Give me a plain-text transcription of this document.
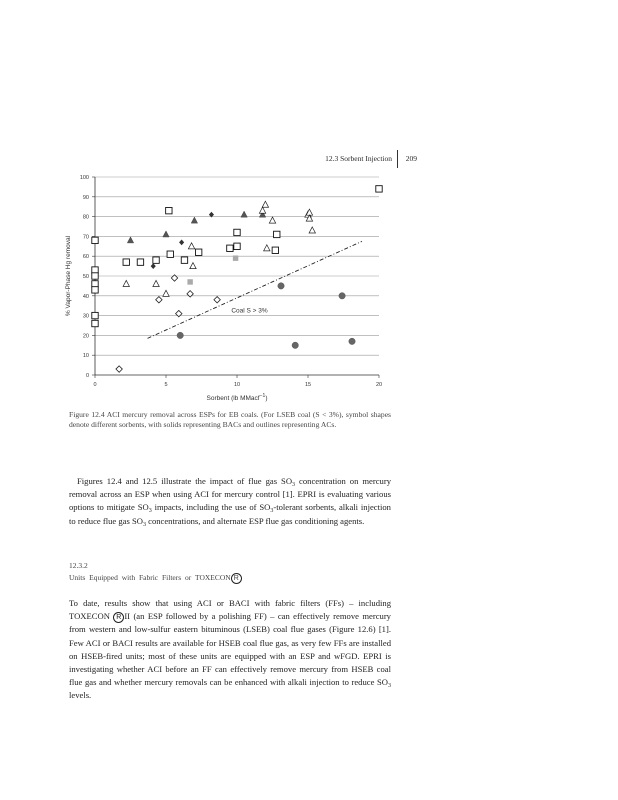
12.3 Sorbent Injection 209
0
10
20
30
40
50
60
70
80
90
100
0	5	10	15	20
Coal S > 3%
Sorbent (lb MMacf$^{-1}$)
% Vapor-Phase Hg removal
Figure 12.4 ACI mercury removal across ESPs for EB coals. (For LSEB coal (S < 3%), symbol shapes denote different sorbents, with solids representing BACs and outlines representing ACs.
Figures 12.4 and 12.5 illustrate the impact of flue gas $SO_3$ concentration on mercury removal across an ESP when using ACI for mercury control [1]. EPRI is evaluating various options to mitigate $SO_3$ impacts, including the use of $SO_3$-tolerant sorbents, alkali injection to reduce flue gas $SO_3$ concentrations, and alternate ESP flue gas conditioning agents.
12.3.2
Units Equipped with Fabric Filters or TOXECON R
To date, results show that using ACI or BACI with fabric filters (FFs) – including TOXECON R II (an ESP followed by a polishing FF) – can effectively remove mercury from western and low-sulfur eastern bituminous (LSEB) coal flue gases (Figure 12.6) [1]. Few ACI or BACI results are available for HSEB coal flue gas, as very few FFs are installed on HSEB-fired units; most of these units are equipped with an ESP and wFGD. EPRI is investigating whether ACI before an FF can effectively remove mercury from HSEB coal flue gas and whether mercury removals can be enhanced with alkali injection to reduce $SO_3$ levels.
